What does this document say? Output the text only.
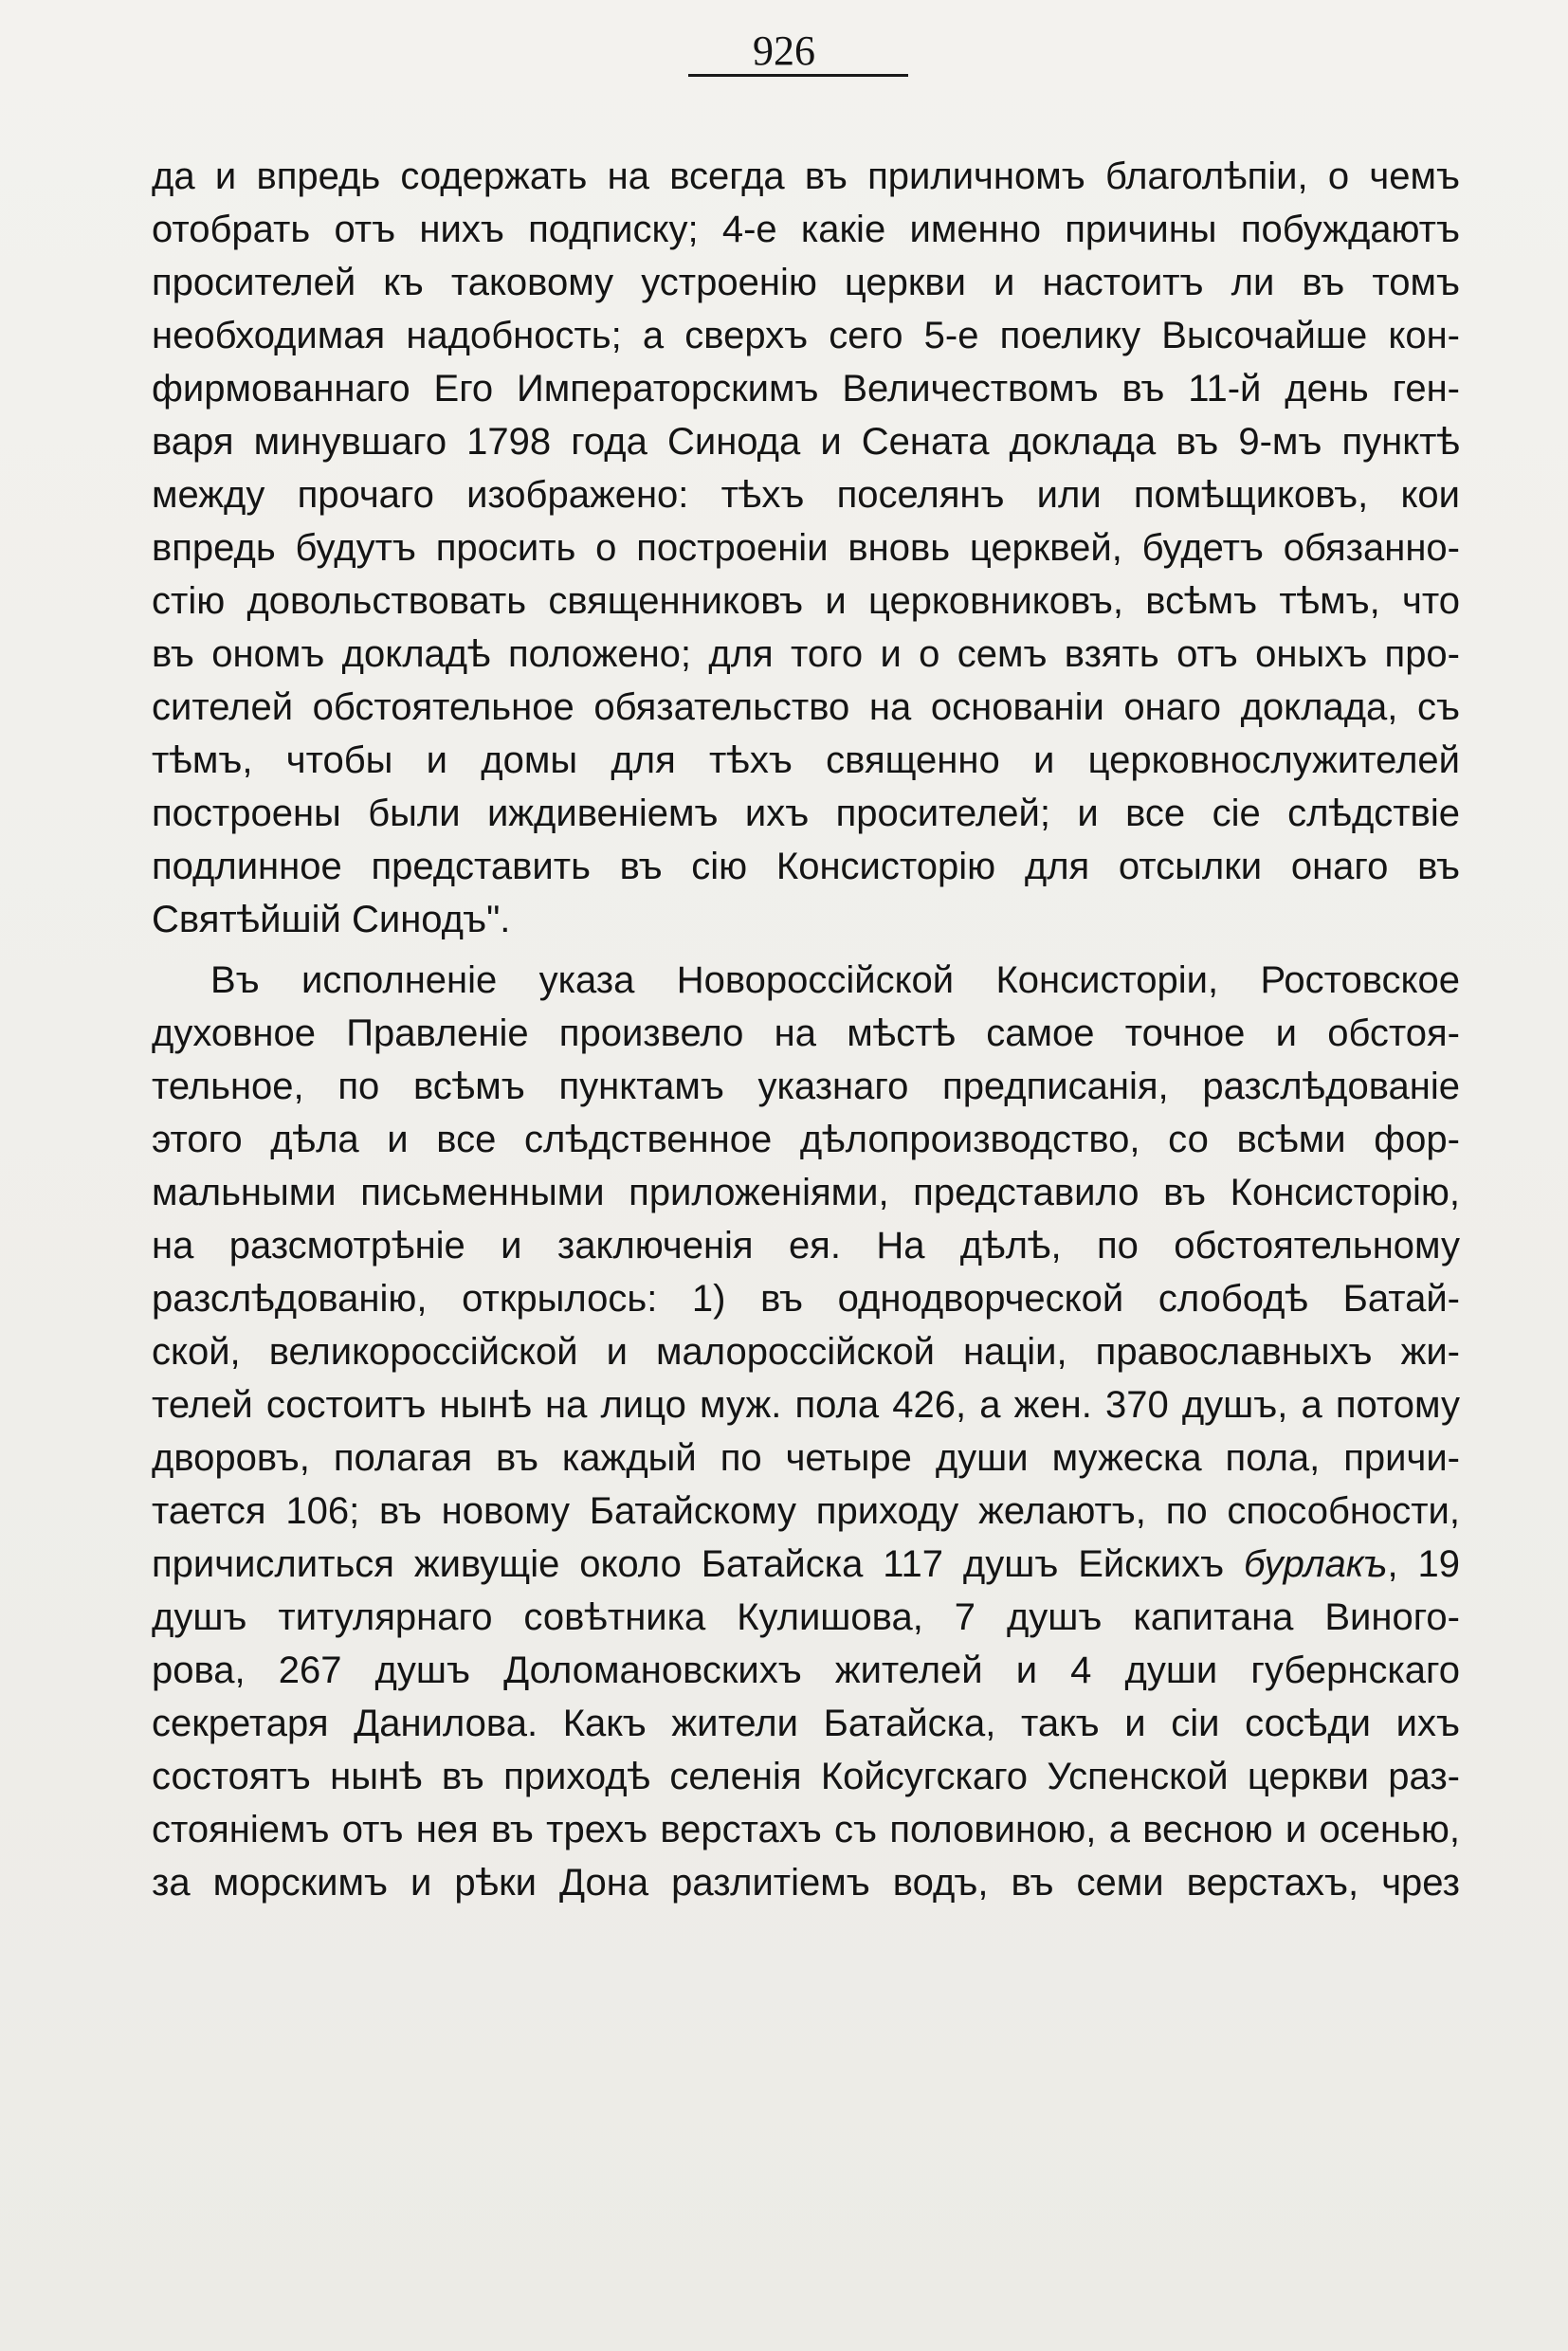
926
да и впредь содержать на всегда въ приличномъ благолѣпіи, о чемъ
отобрать отъ нихъ подписку; 4-е какіе именно причины побуждаютъ
просителей къ таковому устроенію церкви и настоитъ ли въ томъ
необходимая надобность; а сверхъ сего 5-е поелику Высочайше кон-
фирмованнаго Его Императорскимъ Величествомъ въ 11-й день ген-
варя минувшаго 1798 года Синода и Сената доклада въ 9-мъ пунктѣ
между прочаго изображено: тѣхъ поселянъ или помѣщиковъ, кои
впредь будутъ просить о построеніи вновь церквей, будетъ обязанно-
стію довольствовать священниковъ и церковниковъ, всѣмъ тѣмъ, что
въ ономъ докладѣ положено; для того и о семъ взять отъ оныхъ про-
сителей обстоятельное обязательство на основаніи онаго доклада, съ
тѣмъ, чтобы и домы для тѣхъ священно и церковнослужителей
построены были иждивеніемъ ихъ просителей; и все сіе слѣдствіе
подлинное представить въ сію Консисторію для отсылки онаго въ
Святѣйшій Синодъ".
Въ исполненіе указа Новороссійской Консисторіи, Ростовское
духовное Правленіе произвело на мѣстѣ самое точное и обстоя-
тельное, по всѣмъ пунктамъ указнаго предписанія, разслѣдованіе
этого дѣла и все слѣдственное дѣлопроизводство, со всѣми фор-
мальными письменными приложеніями, представило въ Консисторію,
на разсмотрѣніе и заключенія ея. На дѣлѣ, по обстоятельному
разслѣдованію, открылось: 1) въ однодворческой слободѣ Батай-
ской, великороссійской и малороссійской націи, православныхъ жи-
телей состоитъ нынѣ на лицо муж. пола 426, а жен. 370 душъ, а потому
дворовъ, полагая въ каждый по четыре души мужеска пола, причи-
тается 106; въ новому Батайскому приходу желаютъ, по способности,
причислиться живущіе около Батайска 117 душъ Ейскихъ бурлакъ, 19
душъ титулярнаго совѣтника Кулишова, 7 душъ капитана Виного-
рова, 267 душъ Доломановскихъ жителей и 4 души губернскаго
секретаря Данилова. Какъ жители Батайска, такъ и сіи сосѣди ихъ
состоятъ нынѣ въ приходѣ селенія Койсугскаго Успенской церкви раз-
стояніемъ отъ нея въ трехъ верстахъ съ половиною, а весною и осенью,
за морскимъ и рѣки Дона разлитіемъ водъ, въ семи верстахъ, чрез
